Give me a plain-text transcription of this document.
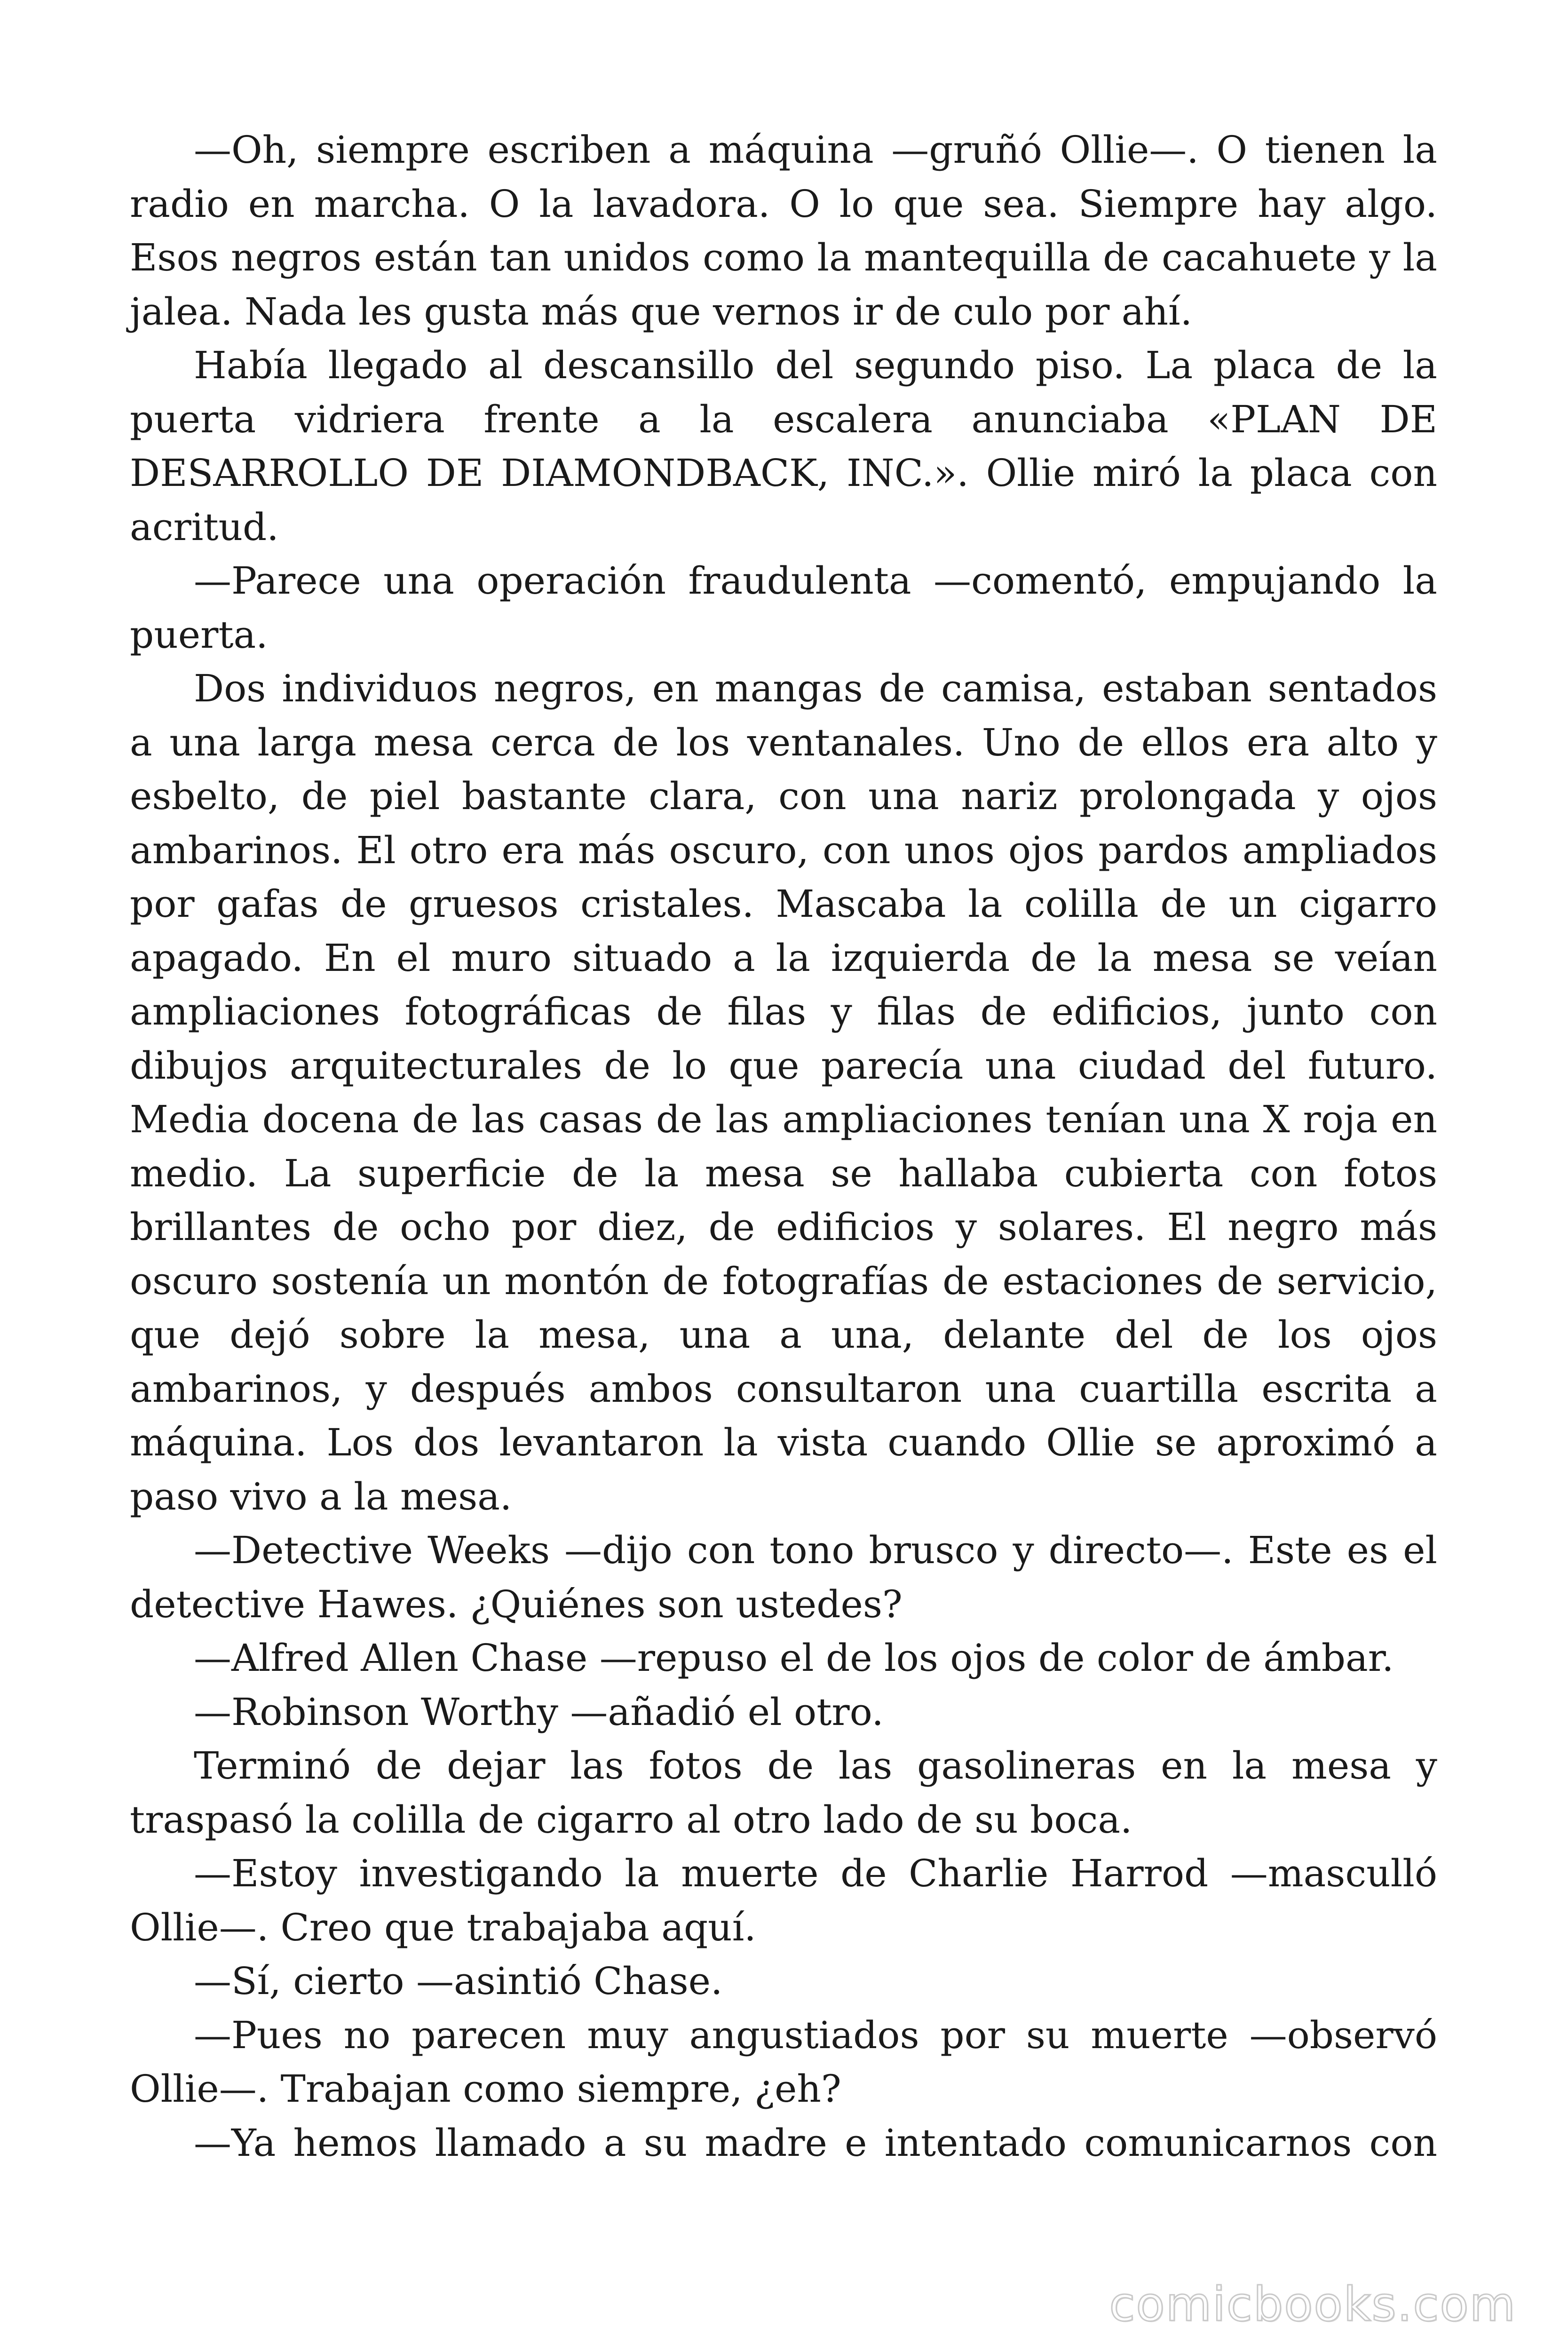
—Oh, siempre escriben a máquina —gruñó Ollie—. O tienen la radio en marcha. O la lavadora. O lo que sea. Siempre hay algo. Esos negros están tan unidos como la mantequilla de cacahuete y la jalea. Nada les gusta más que vernos ir de culo por ahí.

Había llegado al descansillo del segundo piso. La placa de la puerta vidriera frente a la escalera anunciaba «PLAN DE DESARROLLO DE DIAMONDBACK, INC.». Ollie miró la placa con acritud.

—Parece una operación fraudulenta —comentó, empujando la puerta.

Dos individuos negros, en mangas de camisa, estaban sentados a una larga mesa cerca de los ventanales. Uno de ellos era alto y esbelto, de piel bastante clara, con una nariz prolongada y ojos ambarinos. El otro era más oscuro, con unos ojos pardos ampliados por gafas de gruesos cristales. Mascaba la colilla de un cigarro apagado. En el muro situado a la izquierda de la mesa se veían ampliaciones fotográficas de filas y filas de edificios, junto con dibujos arquitecturales de lo que parecía una ciudad del futuro. Media docena de las casas de las ampliaciones tenían una X roja en medio. La superficie de la mesa se hallaba cubierta con fotos brillantes de ocho por diez, de edificios y solares. El negro más oscuro sostenía un montón de fotografías de estaciones de servicio, que dejó sobre la mesa, una a una, delante del de los ojos ambarinos, y después ambos consultaron una cuartilla escrita a máquina. Los dos levantaron la vista cuando Ollie se aproximó a paso vivo a la mesa.

—Detective Weeks —dijo con tono brusco y directo—. Este es el detective Hawes. ¿Quiénes son ustedes?

—Alfred Allen Chase —repuso el de los ojos de color de ámbar.

—Robinson Worthy —añadió el otro.

Terminó de dejar las fotos de las gasolineras en la mesa y traspasó la colilla de cigarro al otro lado de su boca.

—Estoy investigando la muerte de Charlie Harrod —masculló Ollie—. Creo que trabajaba aquí.

—Sí, cierto —asintió Chase.

—Pues no parecen muy angustiados por su muerte —observó Ollie—. Trabajan como siempre, ¿eh?

—Ya hemos llamado a su madre e intentado comunicarnos con

comicbooks.com
